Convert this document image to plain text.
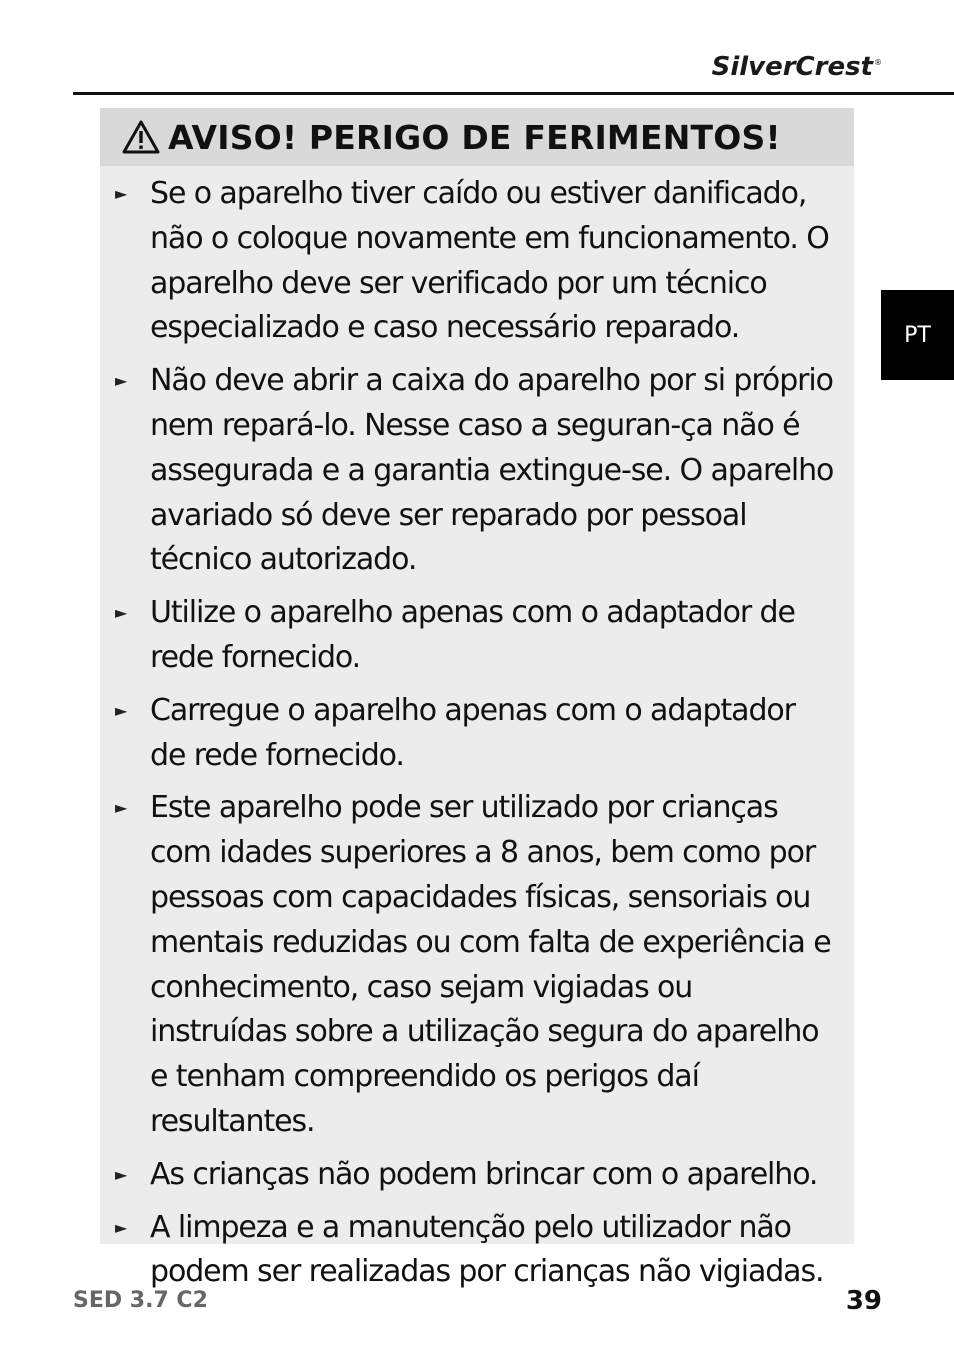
SilverCrest®
PT
AVISO! PERIGO DE FERIMENTOS!
► Se o aparelho tiver caído ou estiver danificado, não o coloque novamente em funcionamento. O aparelho deve ser verificado por um técnico especializado e caso necessário reparado.
► Não deve abrir a caixa do aparelho por si próprio nem repará-lo. Nesse caso a seguran-ça não é assegurada e a garantia extingue-se. O aparelho avariado só deve ser reparado por pessoal técnico autorizado.
► Utilize o aparelho apenas com o adaptador de rede fornecido.
► Carregue o aparelho apenas com o adaptador de rede fornecido.
► Este aparelho pode ser utilizado por crianças com idades superiores a 8 anos, bem como por pessoas com capacidades físicas, sensoriais ou mentais reduzidas ou com falta de experiência e conhecimento, caso sejam vigiadas ou instruídas sobre a utilização segura do aparelho e tenham compreendido os perigos daí resultantes.
► As crianças não podem brincar com o aparelho.
► A limpeza e a manutenção pelo utilizador não podem ser realizadas por crianças não vigiadas.
SED 3.7 C2	39
